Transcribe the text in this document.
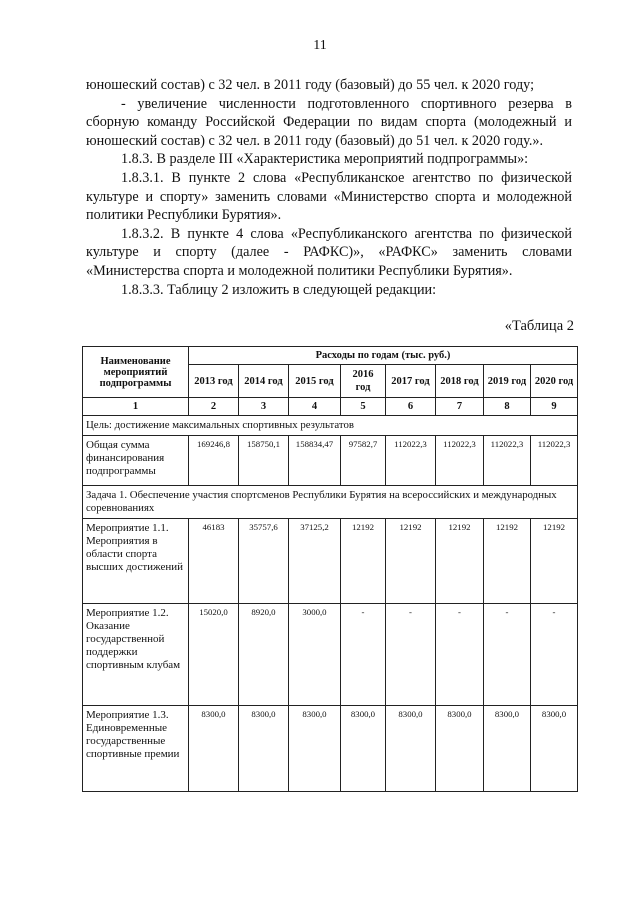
11

юношеский состав) с 32 чел. в 2011 году (базовый) до 55 чел. к 2020 году;

- увеличение численности подготовленного спортивного резерва в сборную команду Российской Федерации по видам спорта (молодежный и юношеский состав) с 32 чел. в 2011 году (базовый) до 51 чел. к 2020 году.».

1.8.3. В разделе III «Характеристика мероприятий подпрограммы»:

1.8.3.1. В пункте 2 слова «Республиканское агентство по физической культуре и спорту» заменить словами «Министерство спорта и молодежной политики Республики Бурятия».

1.8.3.2. В пункте 4 слова «Республиканского агентства по физической культуре и спорту (далее - РАФКС)», «РАФКС» заменить словами «Министерства спорта и молодежной политики Республики Бурятия».

1.8.3.3. Таблицу 2 изложить в следующей редакции:

«Таблица 2
Наименование мероприятий подпрограммы	Расходы по годам (тыс. руб.)							
	2013 год	2014 год	2015 год	2016 год	2017 год	2018 год	2019 год	2020 год
1	2	3	4	5	6	7	8	9
Цель: достижение максимальных спортивных результатов								
Общая сумма финансирования подпрограммы	169246,8	158750,1	158834,47	97582,7	112022,3	112022,3	112022,3	112022,3
Задача 1. Обеспечение участия спортсменов Республики Бурятия на всероссийских и международных соревнованиях								
Мероприятие 1.1. Мероприятия в области спорта высших достижений	46183	35757,6	37125,2	12192	12192	12192	12192	12192
Мероприятие 1.2. Оказание государственной поддержки спортивным клубам	15020,0	8920,0	3000,0	-	-	-	-	-
Мероприятие 1.3. Единовременные государственные спортивные премии	8300,0	8300,0	8300,0	8300,0	8300,0	8300,0	8300,0	8300,0
